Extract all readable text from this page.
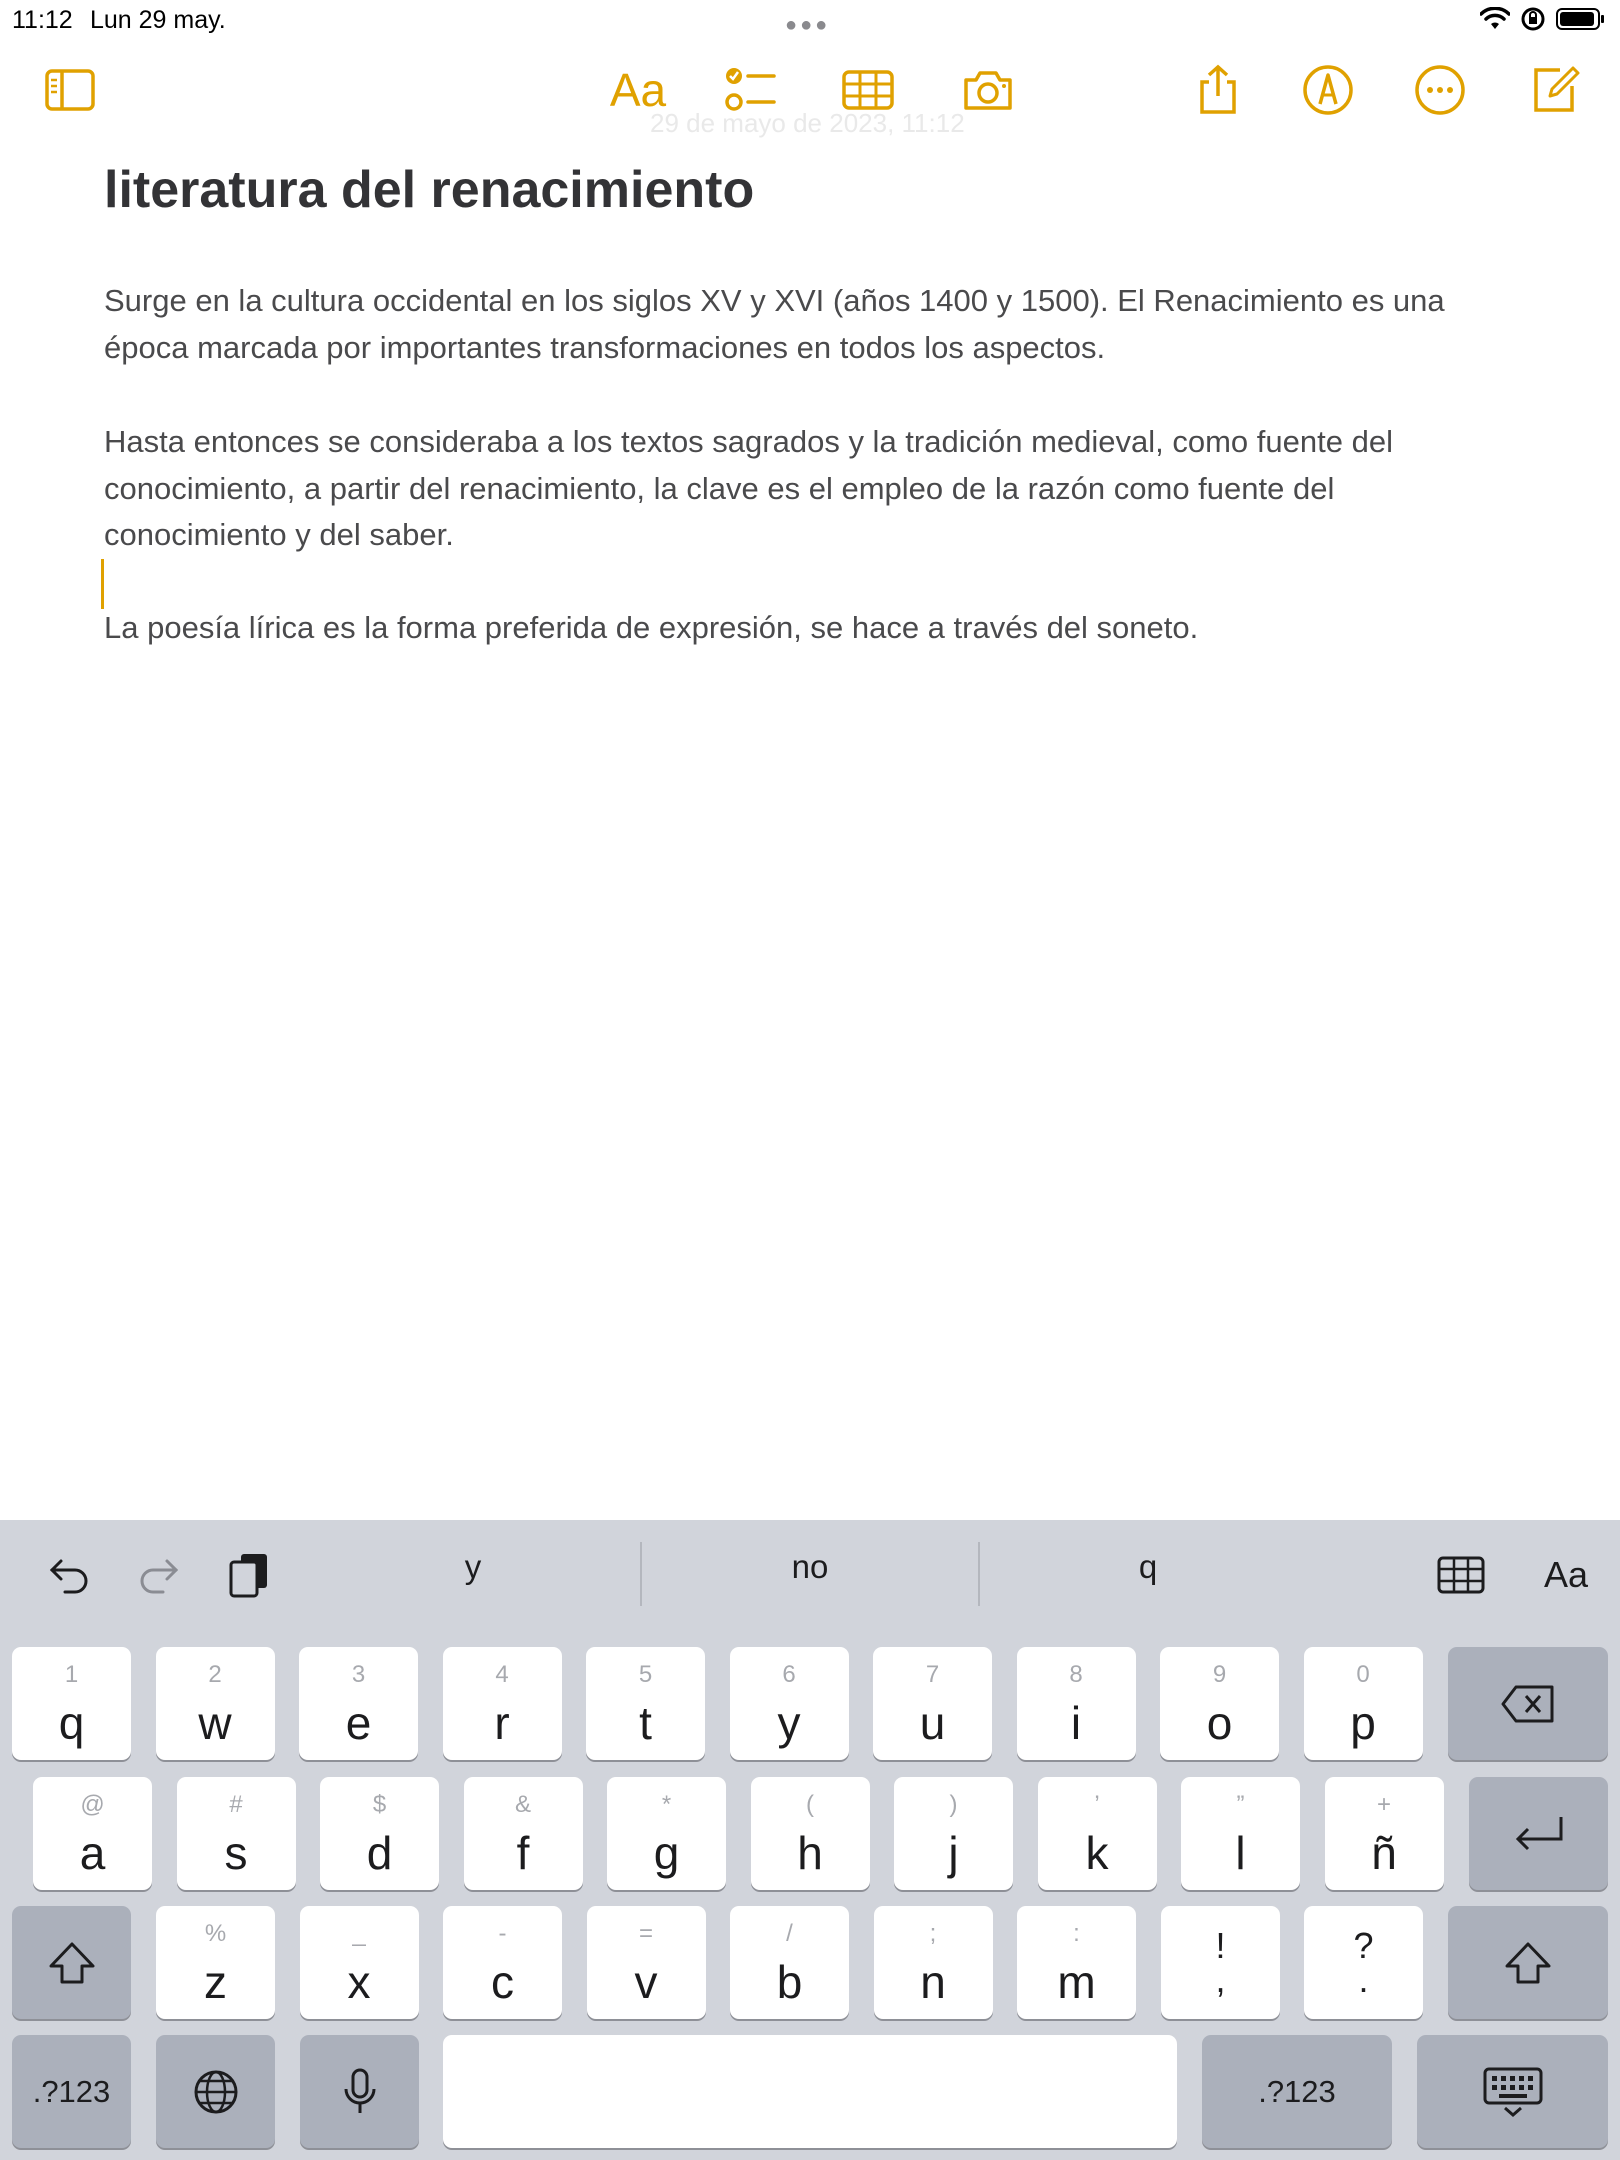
11:12 Lun 29 may.	●●●
Aa
29 de mayo de 2023, 11:12
literatura del renacimiento

Surge en la cultura occidental en los siglos XV y XVI (años 1400 y 1500). El Renacimiento es una época marcada por importantes transformaciones en todos los aspectos.

Hasta entonces se consideraba a los textos sagrados y la tradición medieval, como fuente del conocimiento, a partir del renacimiento, la clave es el empleo de la razón como fuente del conocimiento y del saber.

La poesía lírica es la forma preferida de expresión, se hace a través del soneto.

y	no	q	Aa
1
q
2
w
3
e
4
r
5
t
6
y
7
u
8
i
9
o
0
p
@
a
#
s
$
d
&
f
*
g
(
h
)
j
’
k
”
l
+
ñ
%
z
_
x
-
c
=
v
/
b
;
n
:
m
!
,
?
.
.?123	.?123
